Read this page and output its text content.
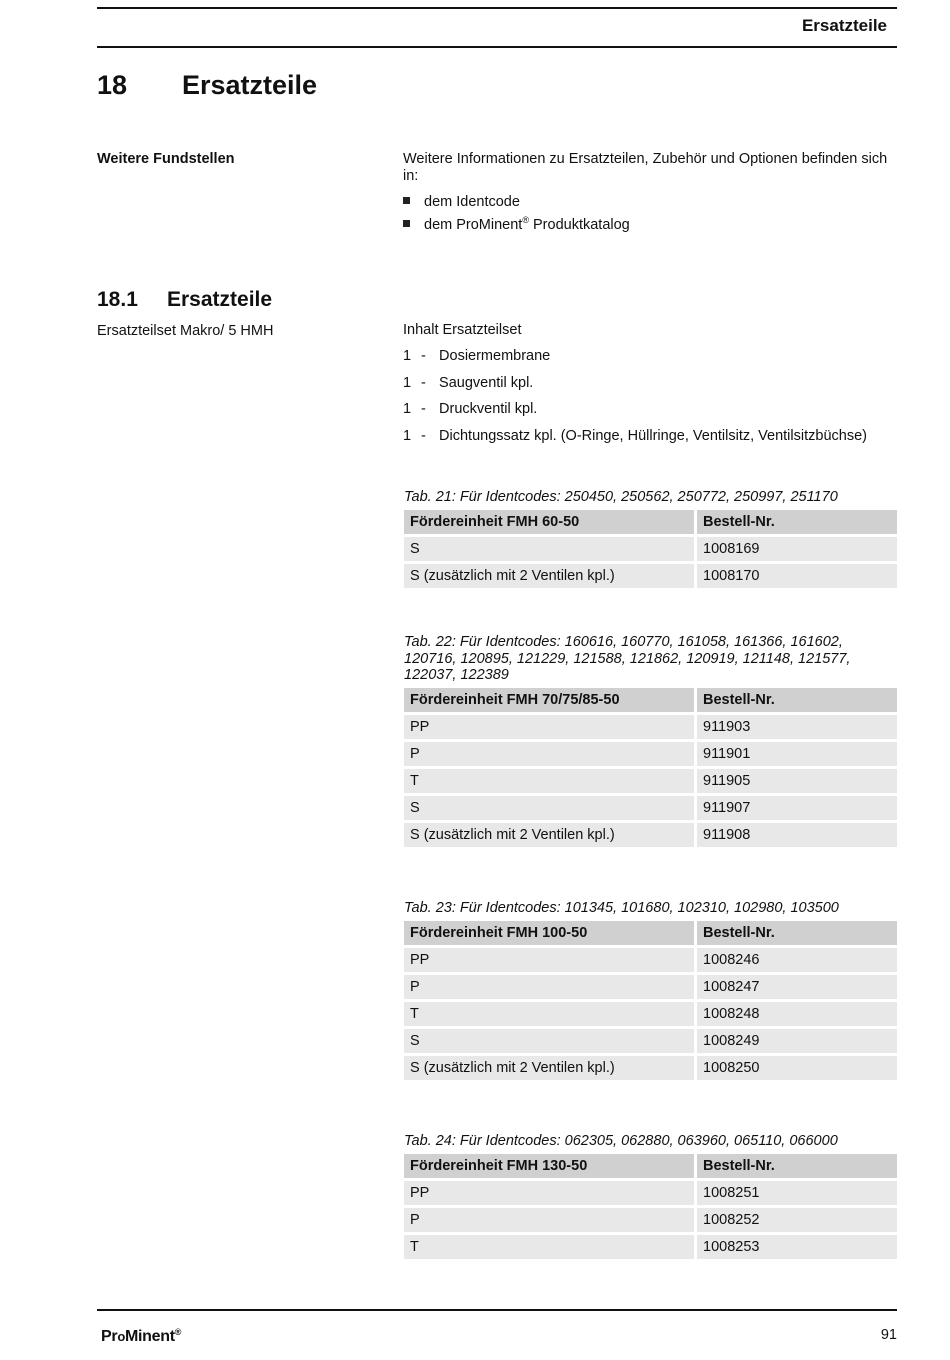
Ersatzteile
18 Ersatzteile
Weitere Fundstellen	Weitere Informationen zu Ersatzteilen, Zubehör und Optionen befinden sich in:
dem Identcode
dem ProMinent® Produktkatalog
18.1 Ersatzteile
Ersatzteilset Makro/ 5 HMH	Inhalt Ersatzteilset
1 - Dosiermembrane
1 - Saugventil kpl.
1 - Druckventil kpl.
1 - Dichtungssatz kpl. (O-Ringe, Hüllringe, Ventilsitz, Ventilsitzbüchse)
Tab. 21: Für Identcodes: 250450, 250562, 250772, 250997, 251170
Fördereinheit FMH 60-50	Bestell-Nr.
S	1008169
S (zusätzlich mit 2 Ventilen kpl.)	1008170
Tab. 22: Für Identcodes: 160616, 160770, 161058, 161366, 161602, 120716, 120895, 121229, 121588, 121862, 120919, 121148, 121577, 122037, 122389
Fördereinheit FMH 70/75/85-50	Bestell-Nr.
PP	911903
P	911901
T	911905
S	911907
S (zusätzlich mit 2 Ventilen kpl.)	911908
Tab. 23: Für Identcodes: 101345, 101680, 102310, 102980, 103500
Fördereinheit FMH 100-50	Bestell-Nr.
PP	1008246
P	1008247
T	1008248
S	1008249
S (zusätzlich mit 2 Ventilen kpl.)	1008250
Tab. 24: Für Identcodes: 062305, 062880, 063960, 065110, 066000
Fördereinheit FMH 130-50	Bestell-Nr.
PP	1008251
P	1008252
T	1008253
ProMinent®	91
